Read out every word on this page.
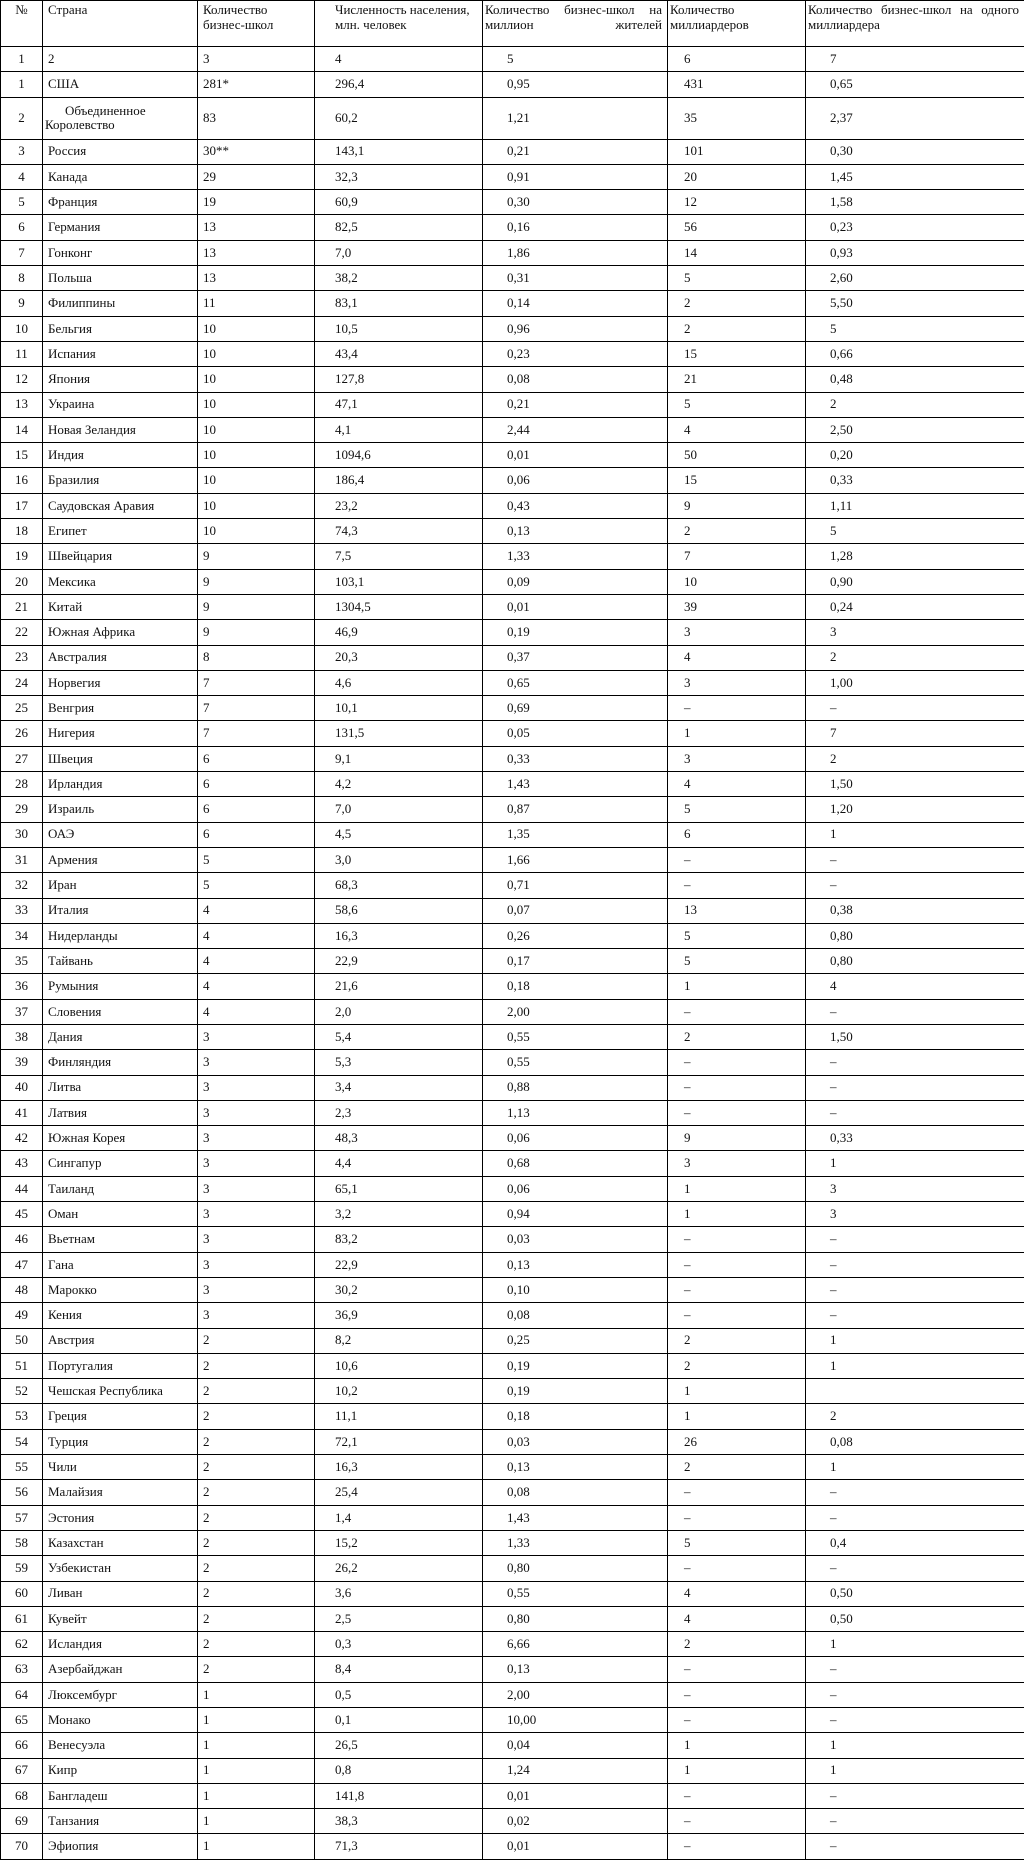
№	Страна	Количество бизнес-школ	Численность населения, млн. человек	Количество бизнес-школ на миллион жителей	Количество миллиардеров	Количество бизнес-школ на одного миллиардера
1	2	3	4	5	6	7
1	США	281*	296,4	0,95	431	0,65
2	Объединенное Королевство	83	60,2	1,21	35	2,37
3	Россия	30**	143,1	0,21	101	0,30
4	Канада	29	32,3	0,91	20	1,45
5	Франция	19	60,9	0,30	12	1,58
6	Германия	13	82,5	0,16	56	0,23
7	Гонконг	13	7,0	1,86	14	0,93
8	Польша	13	38,2	0,31	5	2,60
9	Филиппины	11	83,1	0,14	2	5,50
10	Бельгия	10	10,5	0,96	2	5
11	Испания	10	43,4	0,23	15	0,66
12	Япония	10	127,8	0,08	21	0,48
13	Украина	10	47,1	0,21	5	2
14	Новая Зеландия	10	4,1	2,44	4	2,50
15	Индия	10	1094,6	0,01	50	0,20
16	Бразилия	10	186,4	0,06	15	0,33
17	Саудовская Аравия	10	23,2	0,43	9	1,11
18	Египет	10	74,3	0,13	2	5
19	Швейцария	9	7,5	1,33	7	1,28
20	Мексика	9	103,1	0,09	10	0,90
21	Китай	9	1304,5	0,01	39	0,24
22	Южная Африка	9	46,9	0,19	3	3
23	Австралия	8	20,3	0,37	4	2
24	Норвегия	7	4,6	0,65	3	1,00
25	Венгрия	7	10,1	0,69	–	–
26	Нигерия	7	131,5	0,05	1	7
27	Швеция	6	9,1	0,33	3	2
28	Ирландия	6	4,2	1,43	4	1,50
29	Израиль	6	7,0	0,87	5	1,20
30	ОАЭ	6	4,5	1,35	6	1
31	Армения	5	3,0	1,66	–	–
32	Иран	5	68,3	0,71	–	–
33	Италия	4	58,6	0,07	13	0,38
34	Нидерланды	4	16,3	0,26	5	0,80
35	Тайвань	4	22,9	0,17	5	0,80
36	Румыния	4	21,6	0,18	1	4
37	Словения	4	2,0	2,00	–	–
38	Дания	3	5,4	0,55	2	1,50
39	Финляндия	3	5,3	0,55	–	–
40	Литва	3	3,4	0,88	–	–
41	Латвия	3	2,3	1,13	–	–
42	Южная Корея	3	48,3	0,06	9	0,33
43	Сингапур	3	4,4	0,68	3	1
44	Таиланд	3	65,1	0,06	1	3
45	Оман	3	3,2	0,94	1	3
46	Вьетнам	3	83,2	0,03	–	–
47	Гана	3	22,9	0,13	–	–
48	Марокко	3	30,2	0,10	–	–
49	Кения	3	36,9	0,08	–	–
50	Австрия	2	8,2	0,25	2	1
51	Португалия	2	10,6	0,19	2	1
52	Чешская Республика	2	10,2	0,19	1	
53	Греция	2	11,1	0,18	1	2
54	Турция	2	72,1	0,03	26	0,08
55	Чили	2	16,3	0,13	2	1
56	Малайзия	2	25,4	0,08	–	–
57	Эстония	2	1,4	1,43	–	–
58	Казахстан	2	15,2	1,33	5	0,4
59	Узбекистан	2	26,2	0,80	–	–
60	Ливан	2	3,6	0,55	4	0,50
61	Кувейт	2	2,5	0,80	4	0,50
62	Исландия	2	0,3	6,66	2	1
63	Азербайджан	2	8,4	0,13	–	–
64	Люксембург	1	0,5	2,00	–	–
65	Монако	1	0,1	10,00	–	–
66	Венесуэла	1	26,5	0,04	1	1
67	Кипр	1	0,8	1,24	1	1
68	Бангладеш	1	141,8	0,01	–	–
69	Танзания	1	38,3	0,02	–	–
70	Эфиопия	1	71,3	0,01	–	–
